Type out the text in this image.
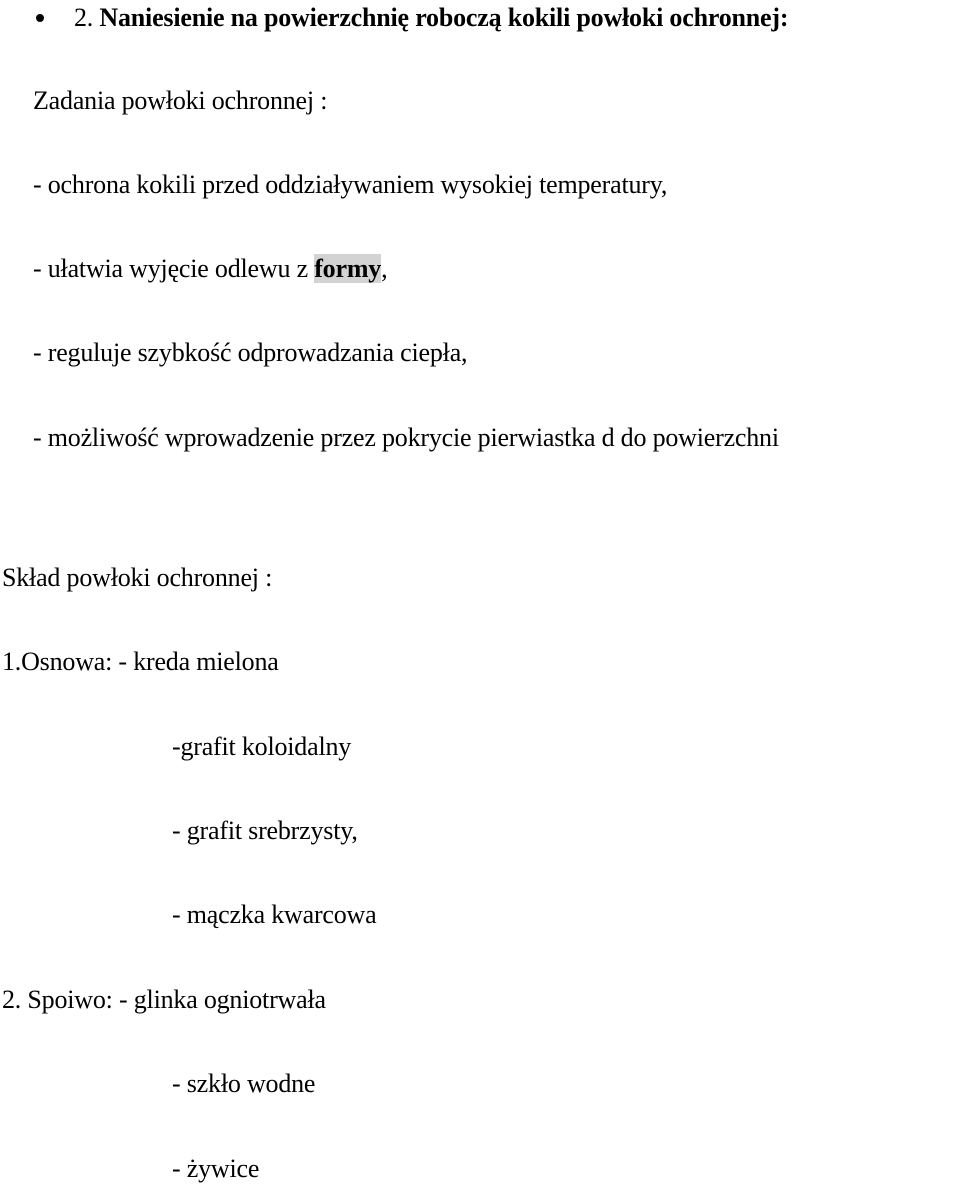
2. Naniesienie na powierzchnię roboczą kokili powłoki ochronnej:
Zadania powłoki ochronnej :
- ochrona kokili przed oddziaływaniem wysokiej temperatury,
- ułatwia wyjęcie odlewu z formy,
- reguluje szybkość odprowadzania ciepła,
- możliwość wprowadzenie przez pokrycie pierwiastka d do powierzchni
Skład powłoki ochronnej :
1.Osnowa: - kreda mielona
-grafit koloidalny
- grafit srebrzysty,
- mączka kwarcowa
2. Spoiwo: - glinka ogniotrwała
- szkło wodne
- żywice
